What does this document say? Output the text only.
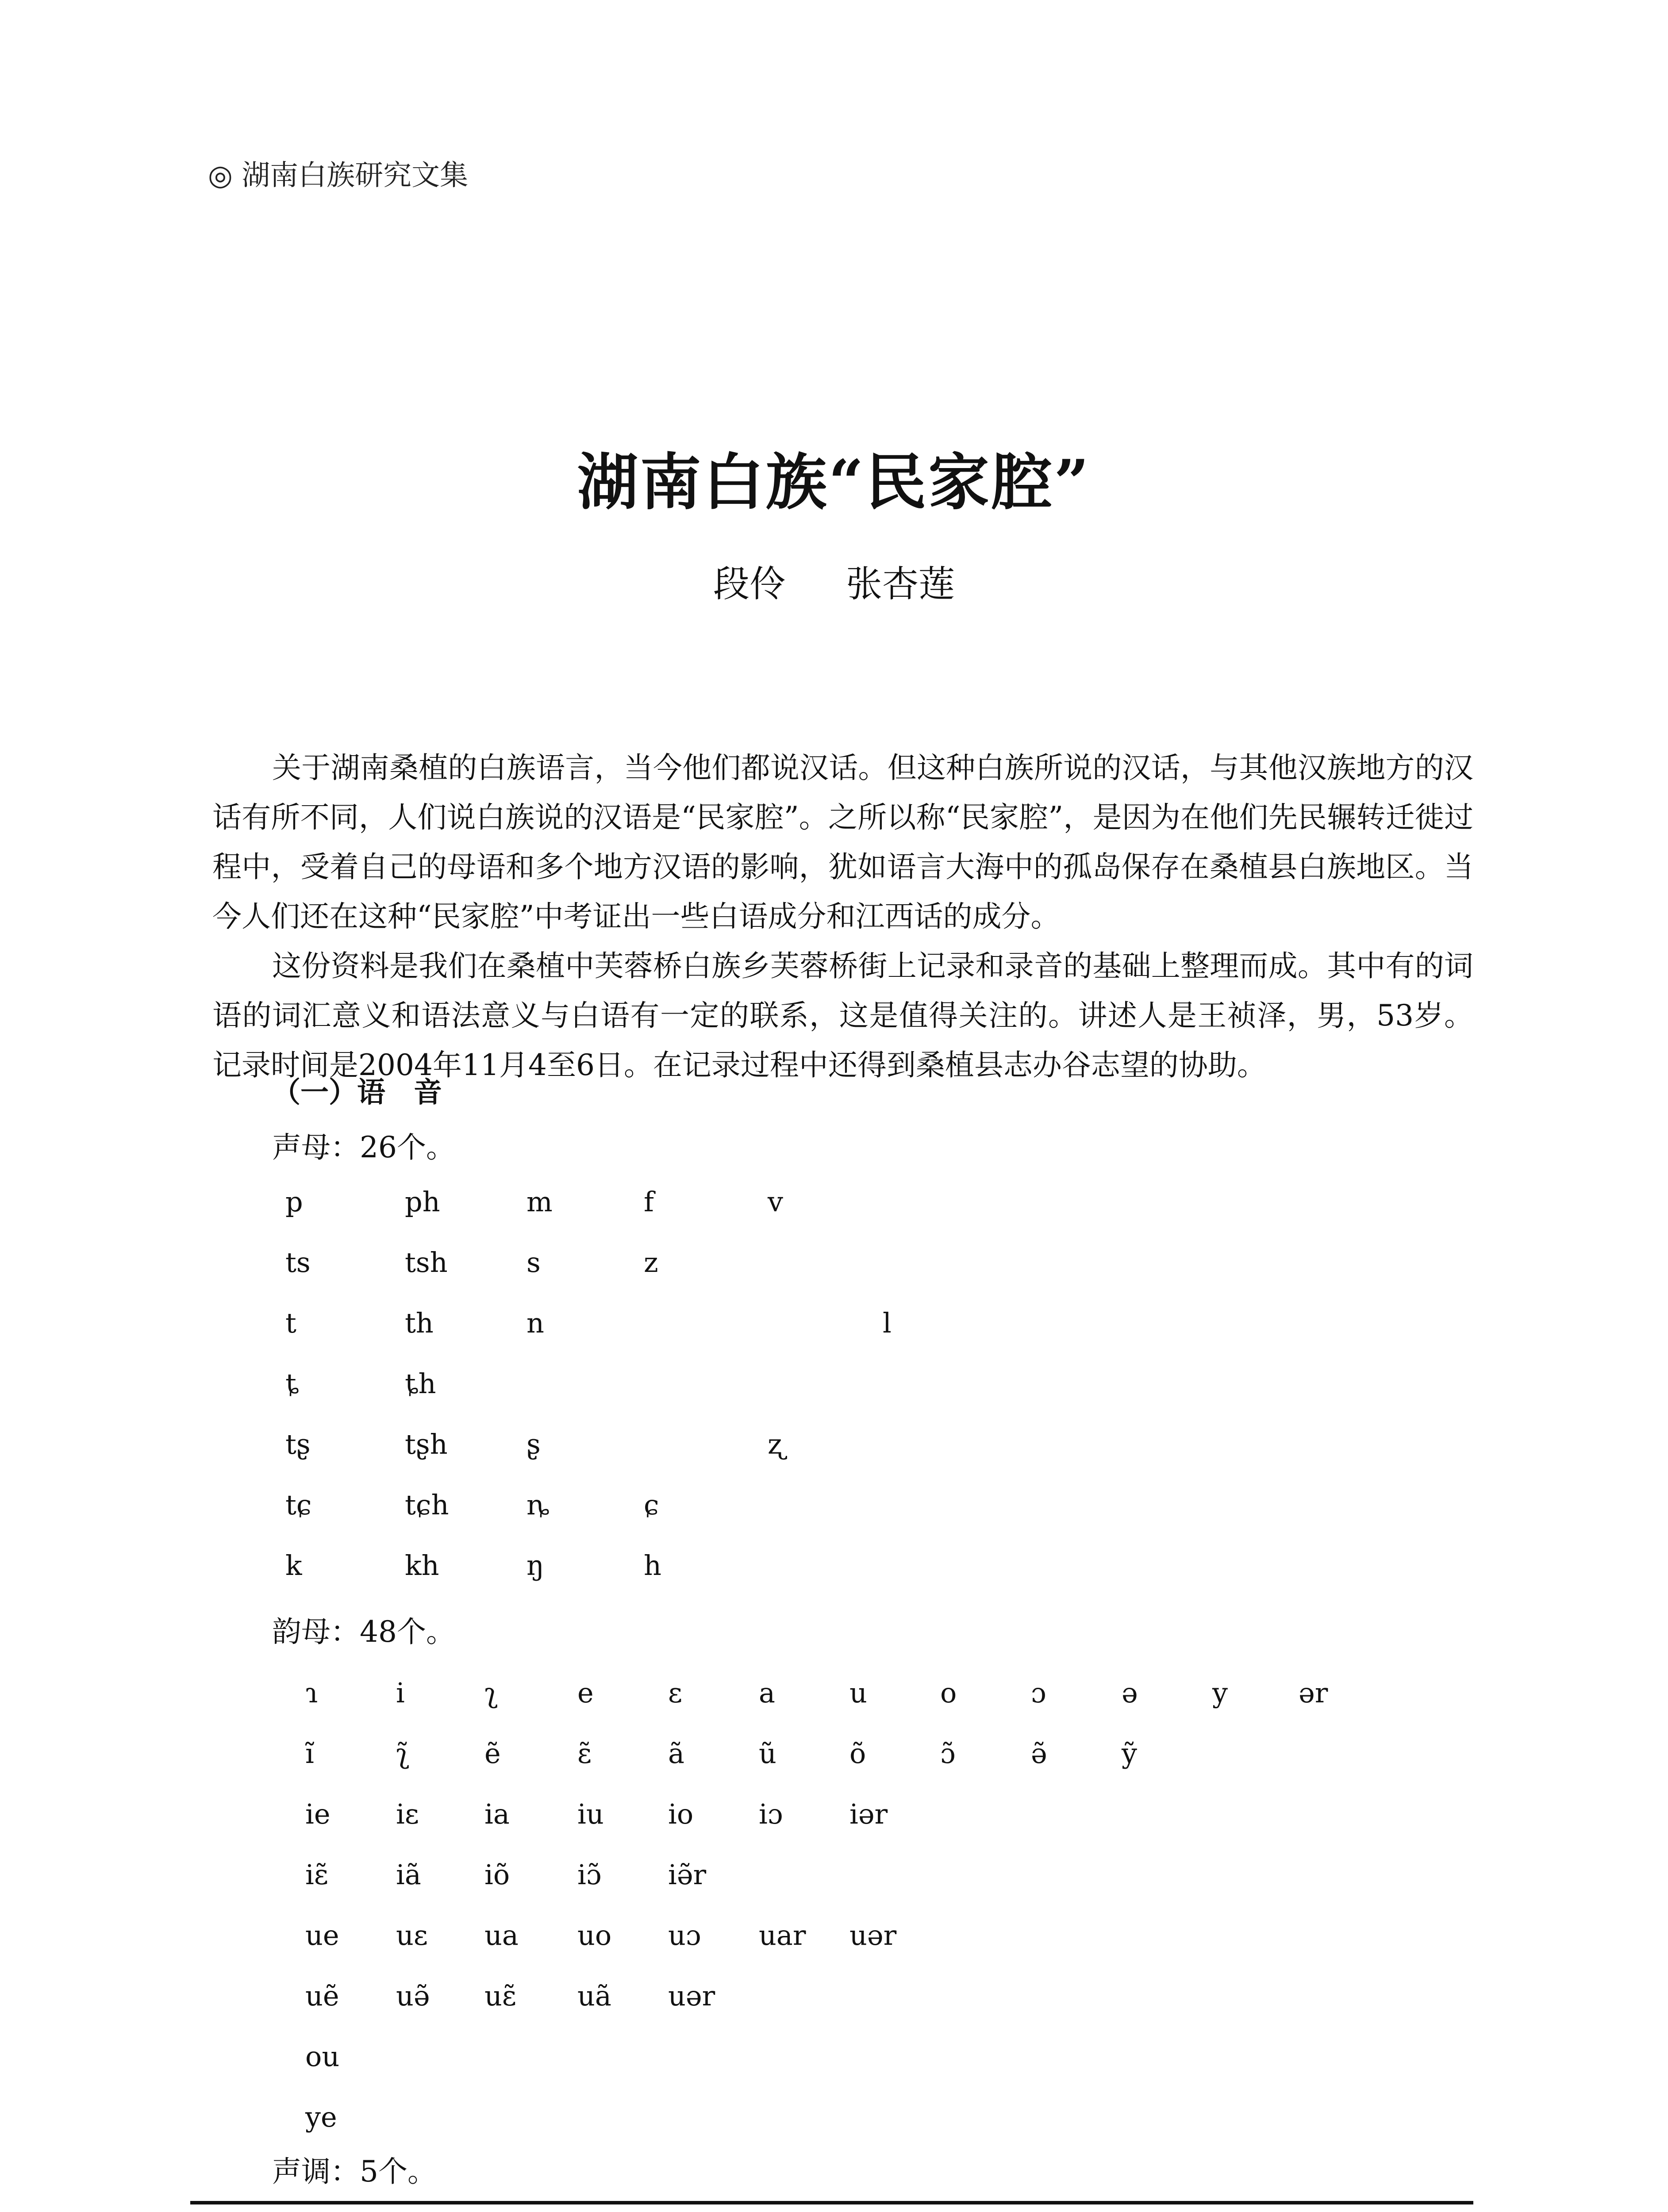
◎ 湖南白族研究文集
湖南白族“民家腔”
段伶 张杏莲

关于湖南桑植的白族语言，当今他们都说汉话。但这种白族所说的汉话，与其他汉族地方的汉话有所不同，人们说白族说的汉语是“民家腔”。之所以称“民家腔”，是因为在他们先民辗转迁徙过程中，受着自己的母语和多个地方汉语的影响，犹如语言大海中的孤岛保存在桑植县白族地区。当今人们还在这种“民家腔”中考证出一些白语成分和江西话的成分。

这份资料是我们在桑植中芙蓉桥白族乡芙蓉桥街上记录和录音的基础上整理而成。其中有的词语的词汇意义和语法意义与白语有一定的联系，这是值得关注的。讲述人是王祯泽，男，53岁。记录时间是2004年11月4至6日。在记录过程中还得到桑植县志办谷志望的协助。

（一）语　音
声母：26个。
韵母：48个。
声调：5个。
p	ph	m	f	v
ts	tsh	s	z
t	th	n	l
ȶ	ȶh
tʂ	tʂh	ʂ	ʐ
tɕ	tɕh	ȵ	ɕ
k	kh	ŋ	h
ɿ	i	ʅ	e	ɛ	a	u	o	ɔ	ə	y	ər
ĩ	ʅ̃	ẽ	ɛ̃	ã	ũ	õ	ɔ̃	ə̃	ỹ
ie iɛ ia iu io iɔ iər
iɛ̃ iã iõ iɔ̃ iə̃r
ue uɛ ua uo uɔ uar uər
uẽ uə̃ uɛ̃ uã uər
ou
ye
